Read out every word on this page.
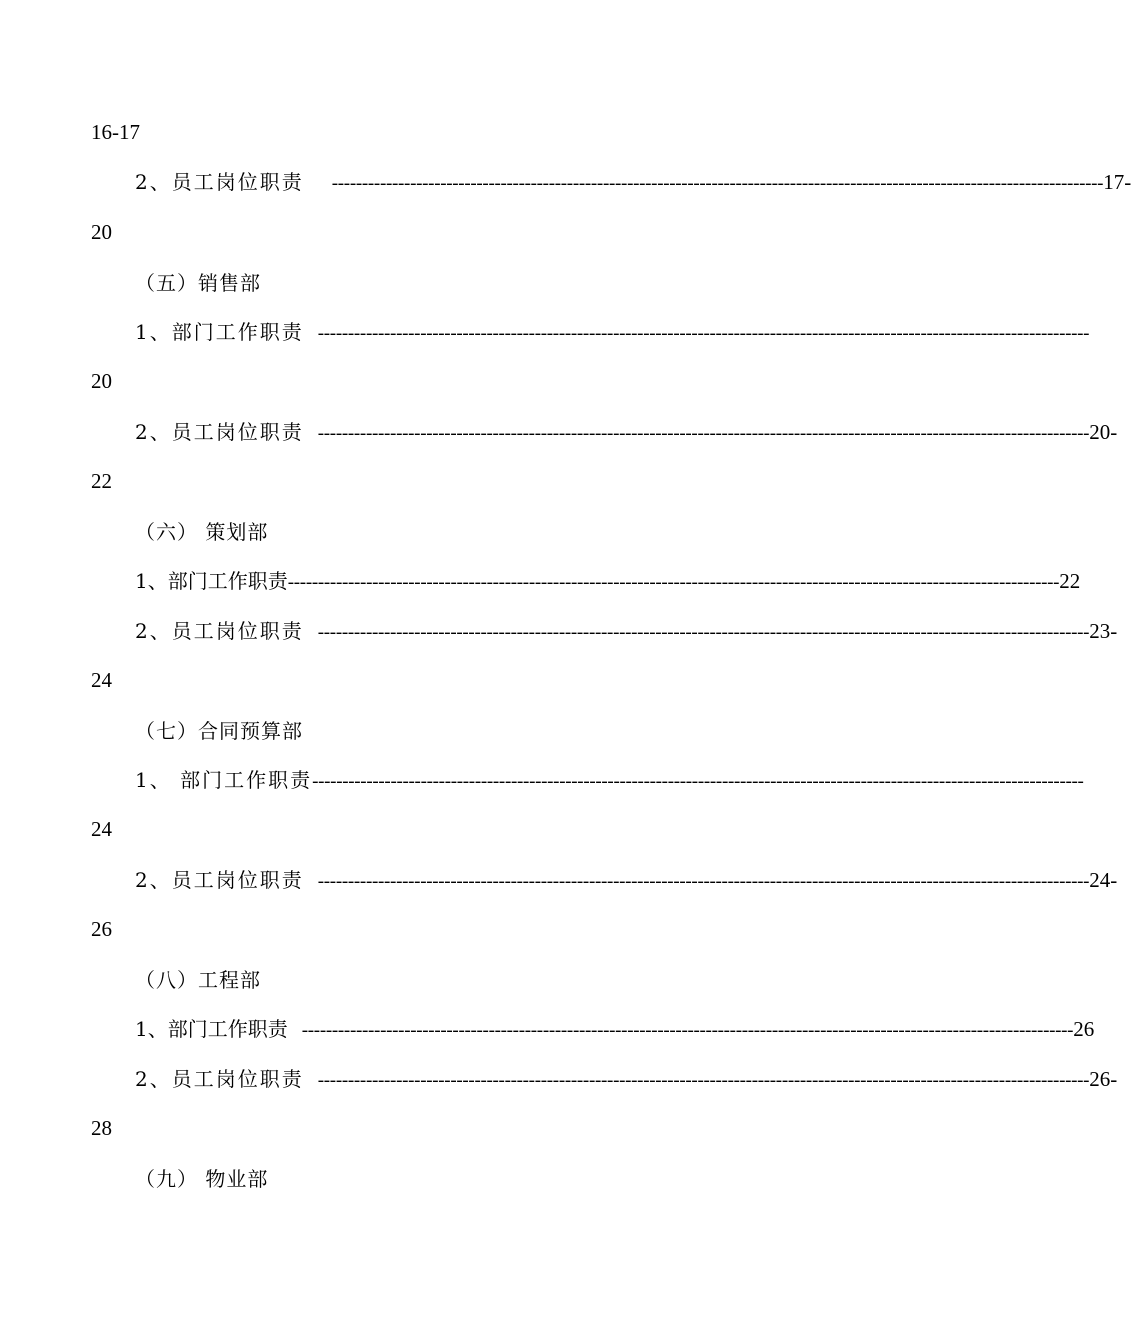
16-17
2、员工岗位职责 -------------------------------------------------------------------------------------------------------------------------------- 17-
20
（五）销售部
1、部门工作职责 --------------------------------------------------------------------------------------------------------------------------------
20
2、员工岗位职责 -------------------------------------------------------------------------------------------------------------------------------- 20-
22
（六） 策划部
1、部门工作职责 -------------------------------------------------------------------------------------------------------------------------------- 22
2、员工岗位职责 -------------------------------------------------------------------------------------------------------------------------------- 23-
24
（七）合同预算部
1、 部门工作职责 --------------------------------------------------------------------------------------------------------------------------------
24
2、员工岗位职责 -------------------------------------------------------------------------------------------------------------------------------- 24-
26
（八）工程部
1、部门工作职责 -------------------------------------------------------------------------------------------------------------------------------- 26
2、员工岗位职责 -------------------------------------------------------------------------------------------------------------------------------- 26-
28
（九） 物业部
